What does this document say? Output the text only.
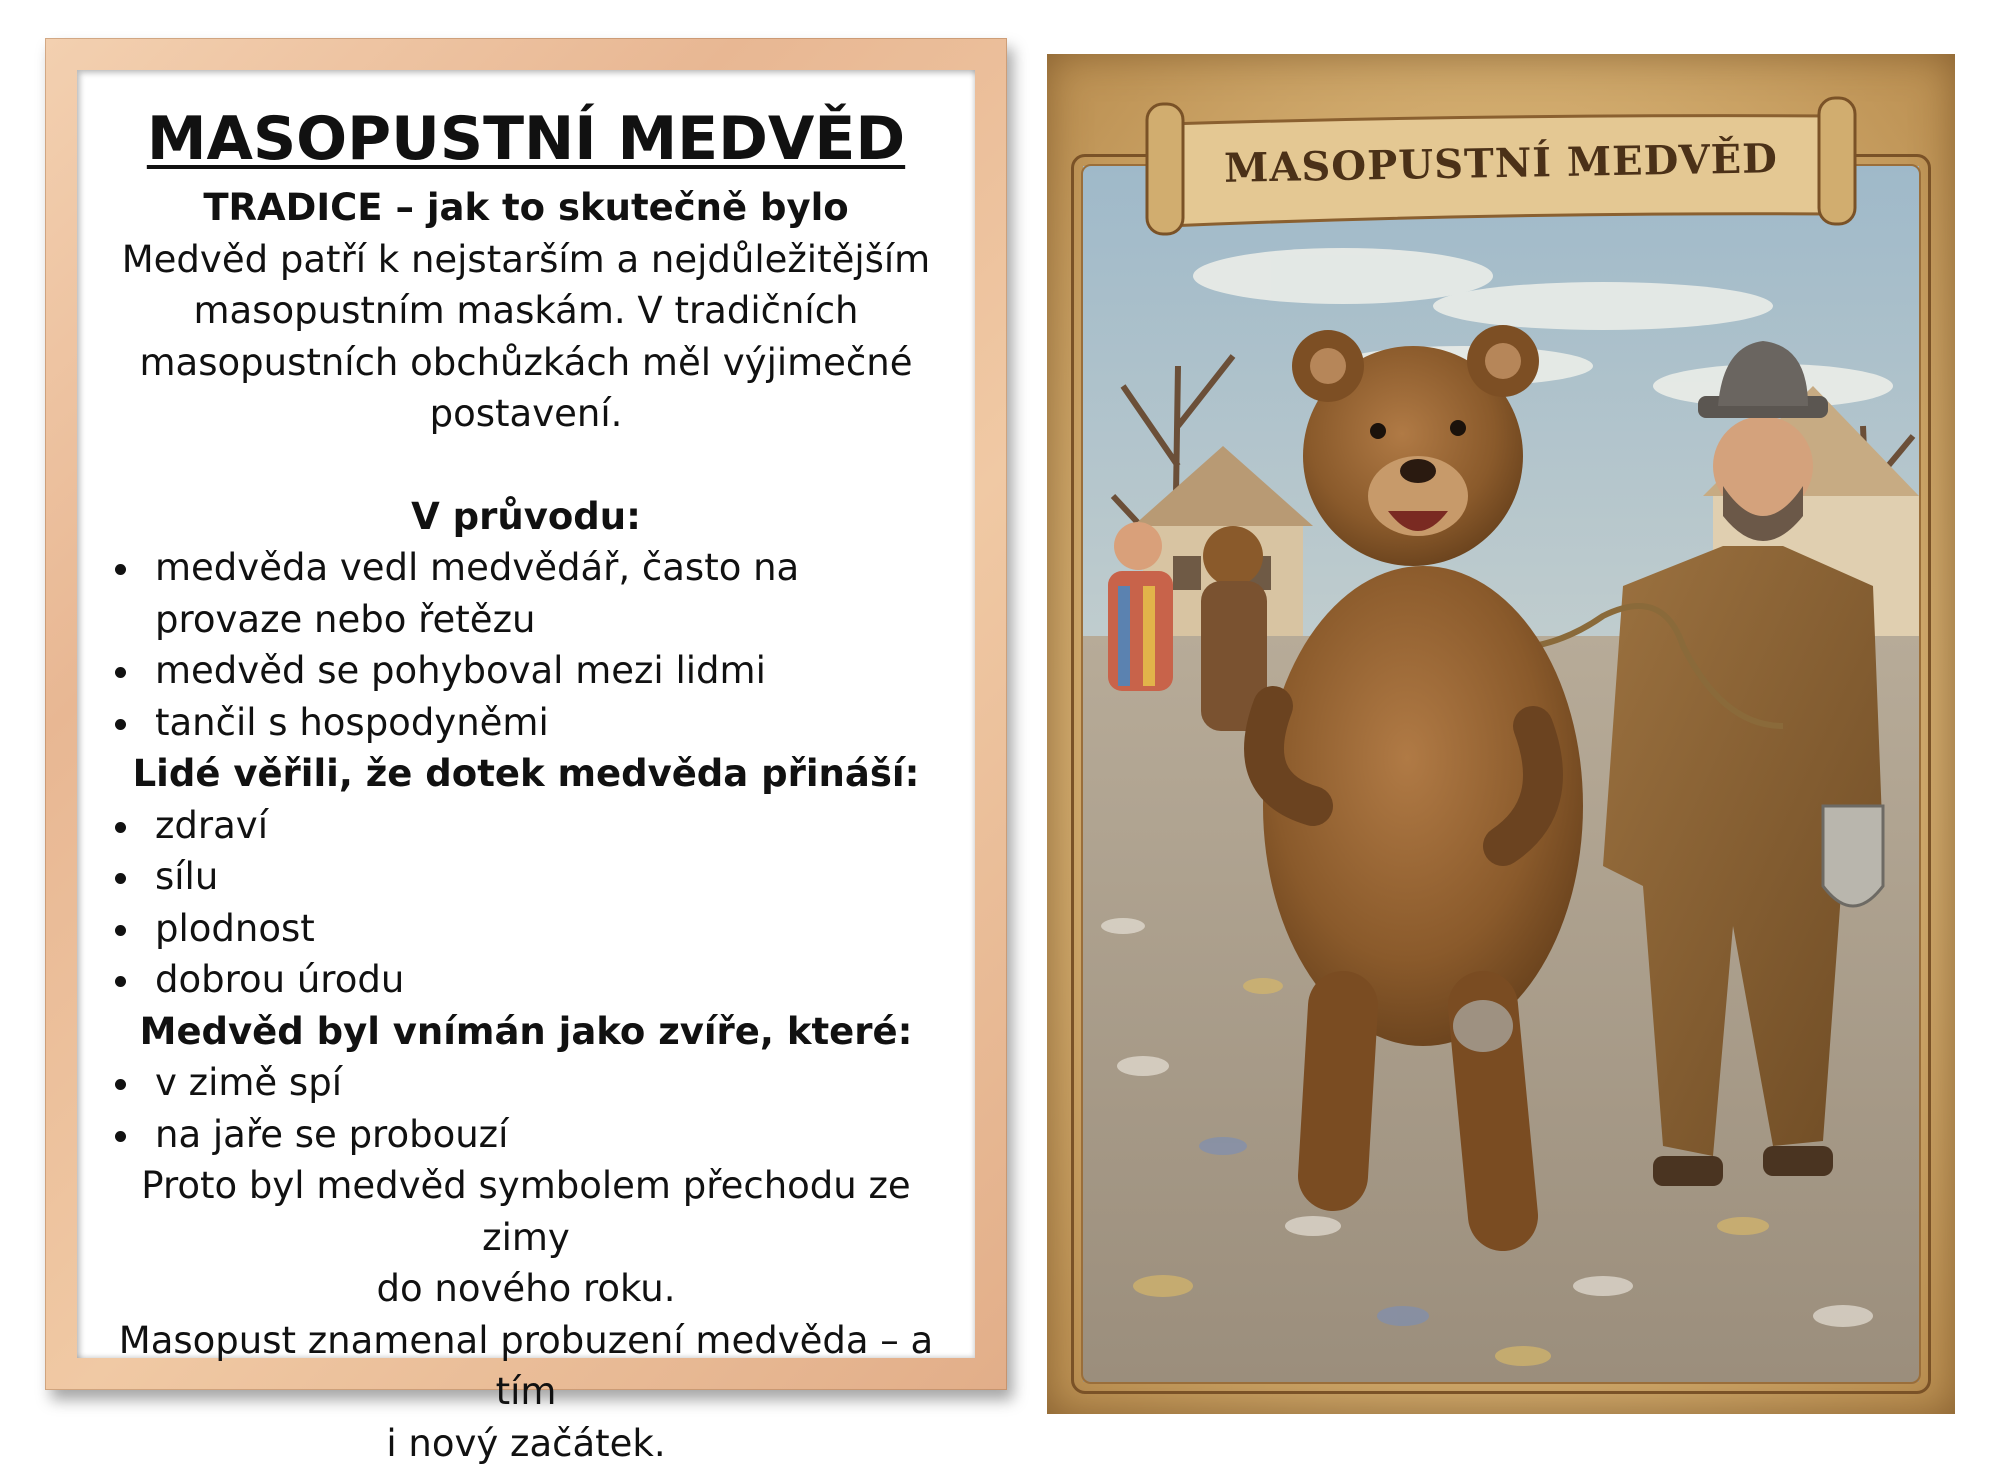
MASOPUSTNÍ MEDVĚD
TRADICE – jak to skutečně bylo
Medvěd patří k nejstarším a nejdůležitějším
masopustním maskám. V tradičních
masopustních obchůzkách měl výjimečné
postavení.
V průvodu:
medvěda vedl medvědář, často na provaze nebo řetězu
medvěd se pohyboval mezi lidmi
tančil s hospodyněmi
Lidé věřili, že dotek medvěda přináší:
zdraví
sílu
plodnost
dobrou úrodu
Medvěd byl vnímán jako zvíře, které:
v zimě spí
na jaře se probouzí
Proto byl medvěd symbolem přechodu ze zimy
do nového roku.
Masopust znamenal probuzení medvěda – a tím
i nový začátek.
MASOPUSTNÍ MEDVĚD
